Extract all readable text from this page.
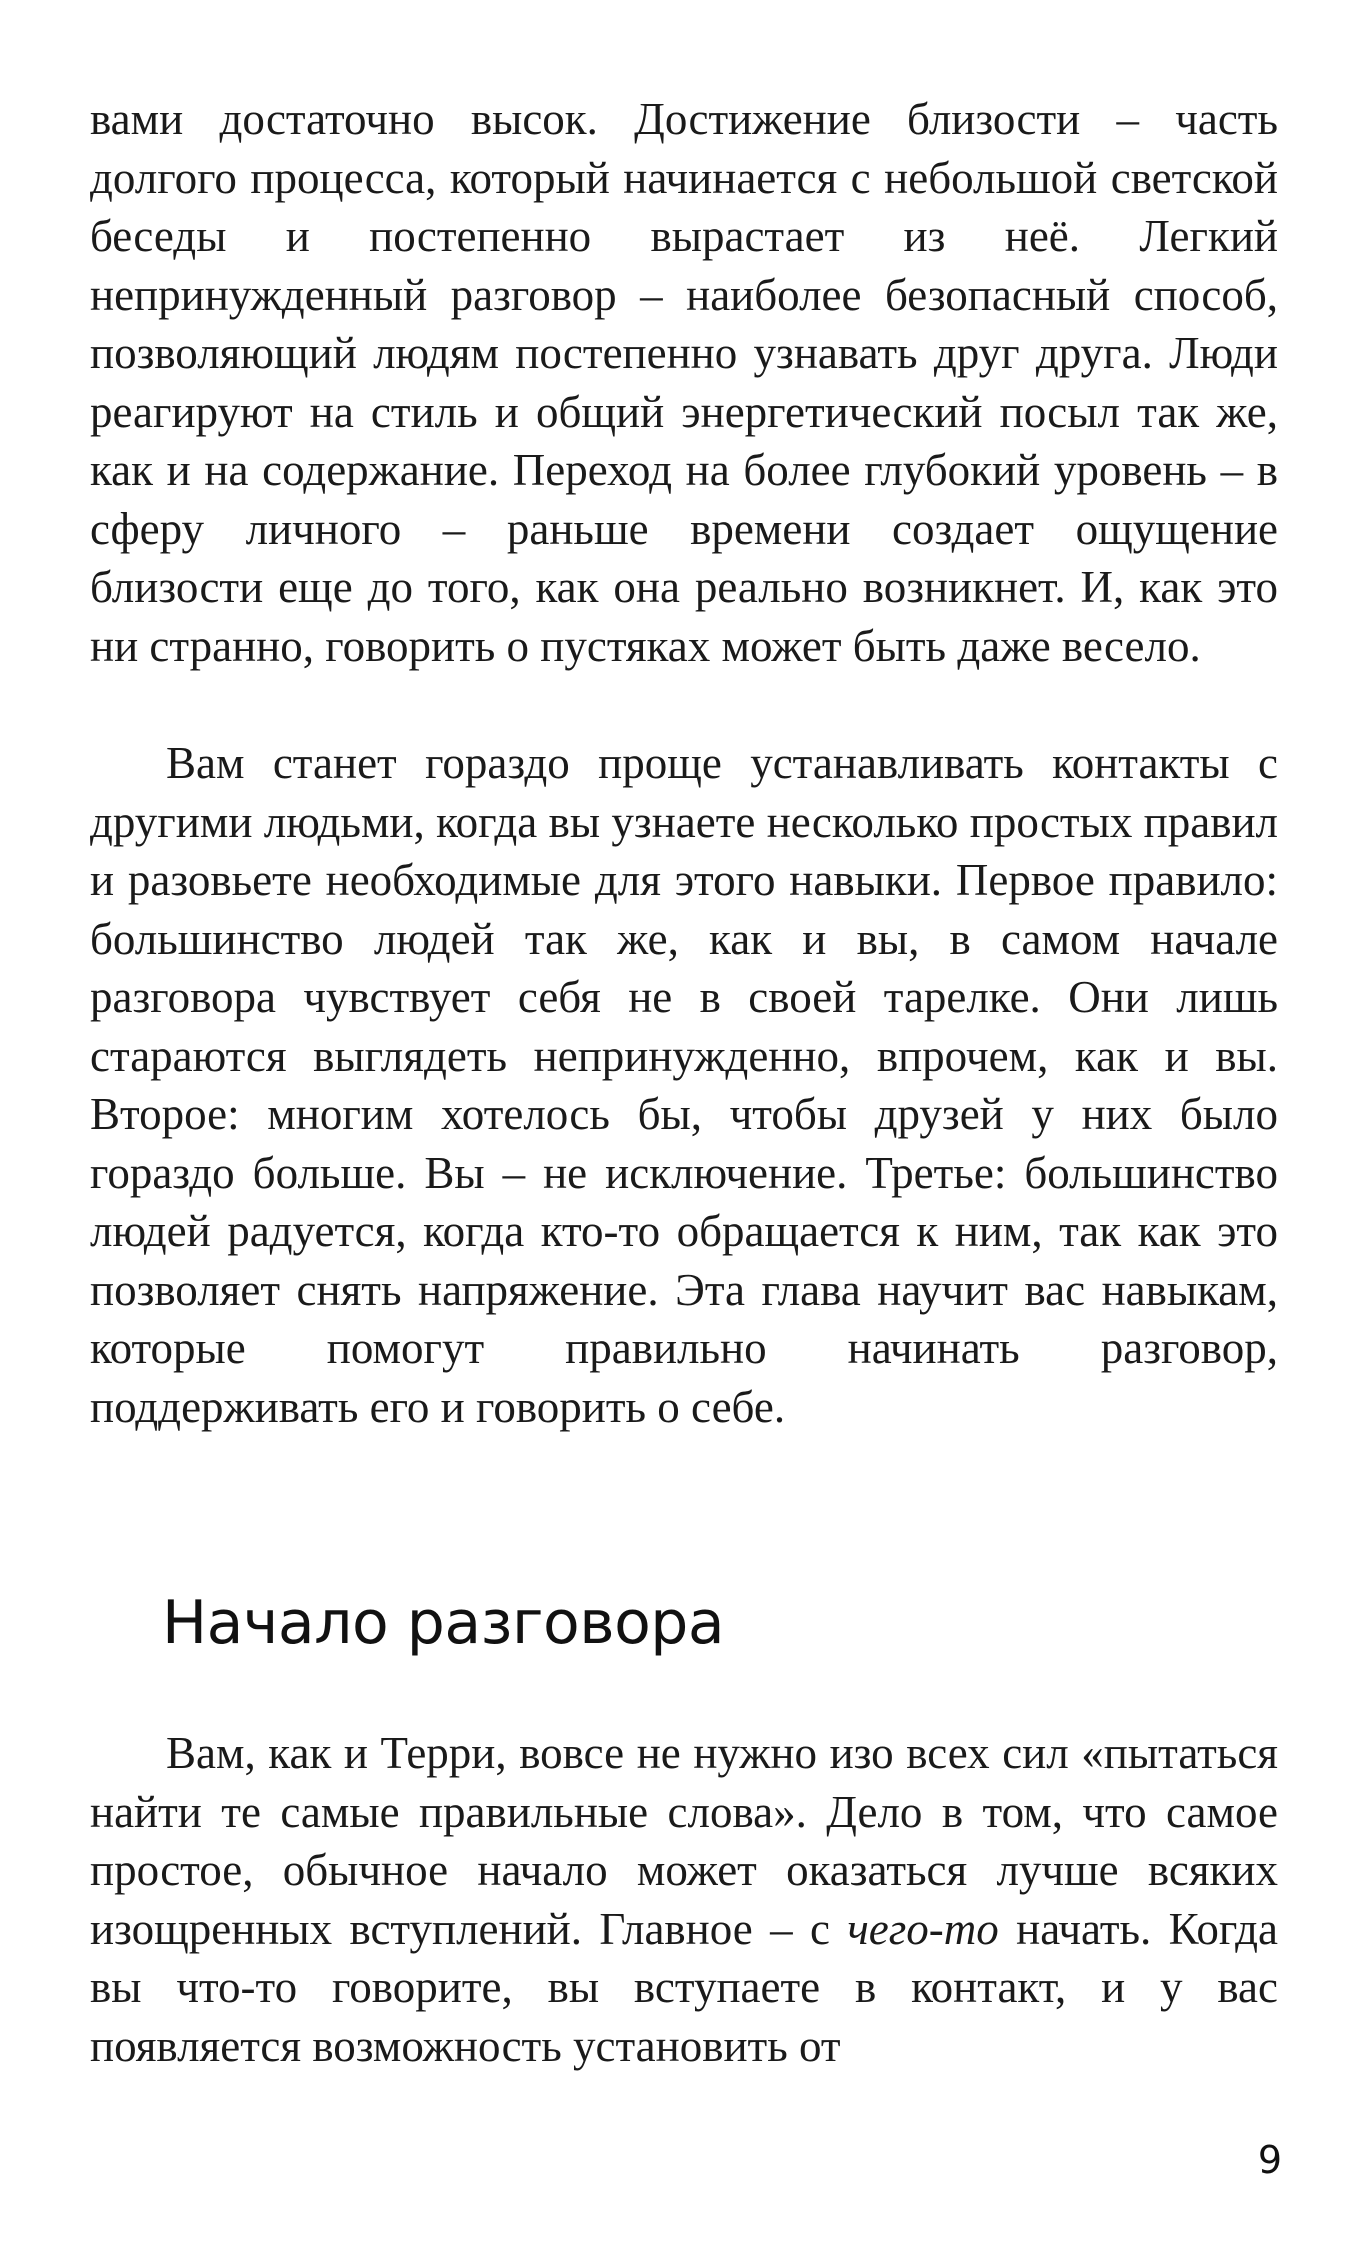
вами достаточно высок. Достижение близости – часть долгого процесса, который начинается с небольшой светской беседы и постепенно вырастает из неё. Легкий непринужденный разговор – наиболее безопасный способ, позволяющий людям постепенно узнавать друг друга. Люди реагируют на стиль и общий энергетический посыл так же, как и на содержание. Переход на более глубокий уровень – в сферу личного – раньше времени создает ощущение близости еще до того, как она реально возникнет. И, как это ни странно, говорить о пустяках может быть даже весело.

Вам станет гораздо проще устанавливать контакты с другими людьми, когда вы узнаете несколько простых правил и разовьете необходимые для этого навыки. Первое правило: большинство людей так же, как и вы, в самом начале разговора чувствует себя не в своей тарелке. Они лишь стараются выглядеть непринужденно, впрочем, как и вы. Второе: многим хотелось бы, чтобы друзей у них было гораздо больше. Вы – не исключение. Третье: большинство людей радуется, когда кто-то обращается к ним, так как это позволяет снять напряжение. Эта глава научит вас навыкам, которые помогут правильно начинать разговор, поддерживать его и говорить о себе.

Начало разговора

Вам, как и Терри, вовсе не нужно изо всех сил «пытаться найти те самые правильные слова». Дело в том, что самое простое, обычное начало может оказаться лучше всяких изощренных вступлений. Главное – с чего-то начать. Когда вы что-то говорите, вы вступаете в контакт, и у вас появляется возможность установить от

9
